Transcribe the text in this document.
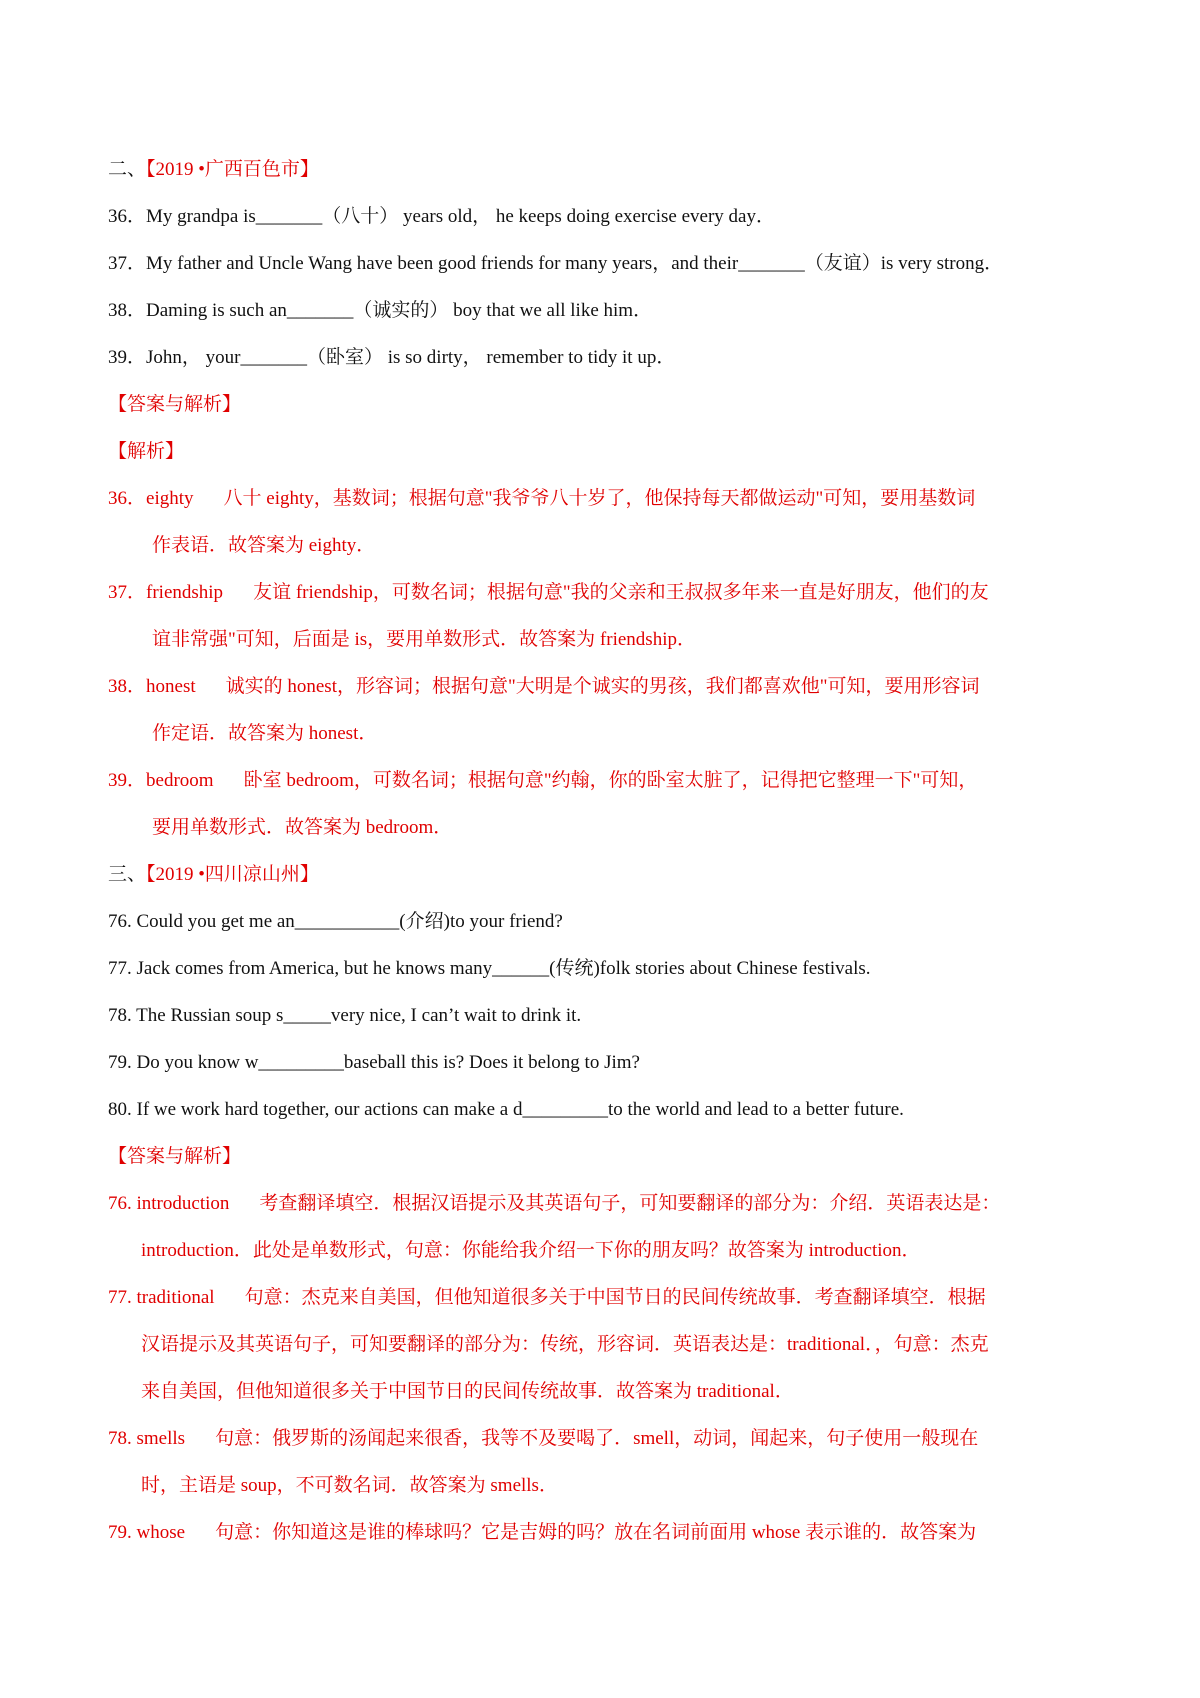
二、【2019 •广西百色市】
36．My grandpa is_______（八十） years old， he keeps doing exercise every day．
37．My father and Uncle Wang have been good friends for many years，and their_______（友谊）is very strong．
38．Daming is such an_______（诚实的） boy that we all like him．
39．John， your_______（卧室） is so dirty， remember to tidy it up．
【答案与解析】
【解析】
36．eighty 八十 eighty，基数词；根据句意"我爷爷八十岁了，他保持每天都做运动"可知，要用基数词
作表语．故答案为 eighty．
37．friendship 友谊 friendship，可数名词；根据句意"我的父亲和王叔叔多年来一直是好朋友，他们的友
谊非常强"可知，后面是 is，要用单数形式．故答案为 friendship．
38．honest 诚实的 honest，形容词；根据句意"大明是个诚实的男孩，我们都喜欢他"可知，要用形容词
作定语．故答案为 honest．
39．bedroom 卧室 bedroom，可数名词；根据句意"约翰，你的卧室太脏了，记得把它整理一下"可知，
要用单数形式．故答案为 bedroom．
三、【2019 •四川凉山州】
76. Could you get me an___________(介绍)to your friend?
77. Jack comes from America, but he knows many______(传统)folk stories about Chinese festivals.
78. The Russian soup s_____very nice, I can’t wait to drink it.
79. Do you know w_________baseball this is? Does it belong to Jim?
80. If we work hard together, our actions can make a d_________to the world and lead to a better future.
【答案与解析】
76. introduction 考查翻译填空．根据汉语提示及其英语句子，可知要翻译的部分为：介绍．英语表达是：
introduction．此处是单数形式，句意：你能给我介绍一下你的朋友吗？故答案为 introduction．
77. traditional 句意：杰克来自美国，但他知道很多关于中国节日的民间传统故事．考查翻译填空．根据
汉语提示及其英语句子，可知要翻译的部分为：传统，形容词．英语表达是：traditional．，句意：杰克
来自美国，但他知道很多关于中国节日的民间传统故事．故答案为 traditional．
78. smells 句意：俄罗斯的汤闻起来很香，我等不及要喝了．smell，动词，闻起来，句子使用一般现在
时，主语是 soup，不可数名词．故答案为 smells．
79. whose 句意：你知道这是谁的棒球吗？它是吉姆的吗？放在名词前面用 whose 表示谁的．故答案为
